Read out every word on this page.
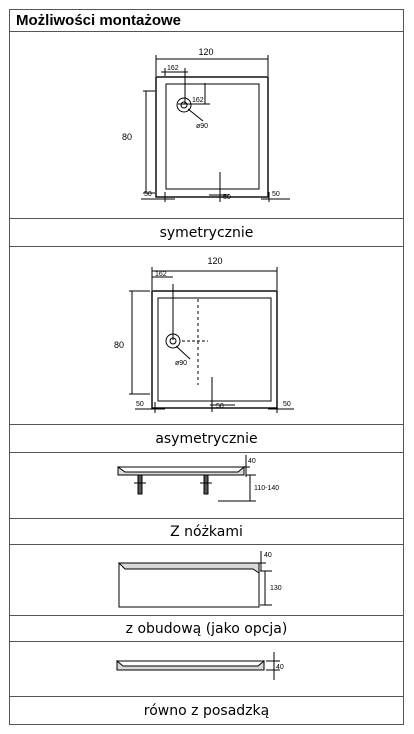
Możliwości montażowe
120
162
162
80
ø90
50	50	50
symetrycznie
120
162
80
ø90
50	50	50
asymetrycznie
40
110-140
Z nóżkami
40
130
z obudową (jako opcja)
40
równo z posadzką
